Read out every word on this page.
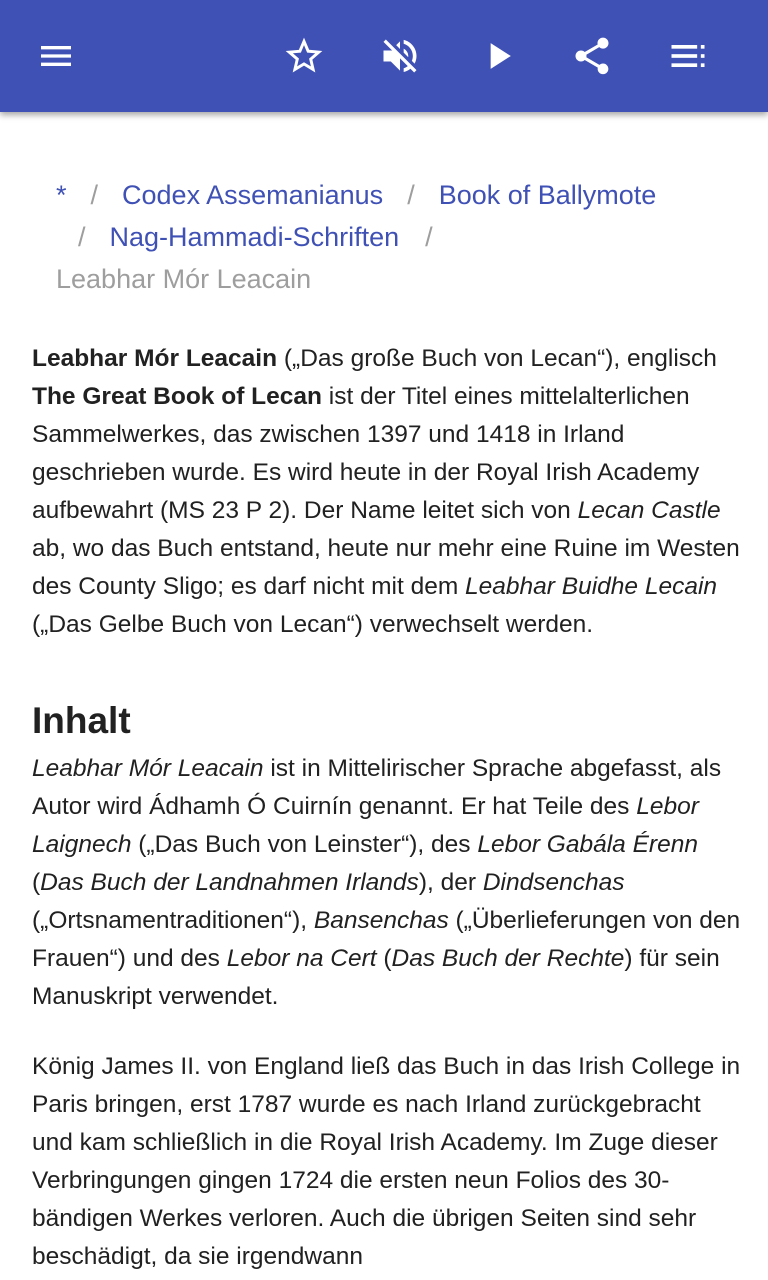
* / Codex Assemanianus / Book of Ballymote
/ Nag-Hammadi-Schriften /
Leabhar Mór Leacain

Leabhar Mór Leacain („Das große Buch von Lecan“), englisch The Great Book of Lecan ist der Titel eines mittelalterlichen Sammelwerkes, das zwischen 1397 und 1418 in Irland geschrieben wurde. Es wird heute in der Royal Irish Academy aufbewahrt (MS 23 P 2). Der Name leitet sich von Lecan Castle ab, wo das Buch entstand, heute nur mehr eine Ruine im Westen des County Sligo; es darf nicht mit dem Leabhar Buidhe Lecain („Das Gelbe Buch von Lecan“) verwechselt werden.

Inhalt

Leabhar Mór Leacain ist in Mittelirischer Sprache abgefasst, als Autor wird Ádhamh Ó Cuirnín genannt. Er hat Teile des Lebor Laignech („Das Buch von Leinster“), des Lebor Gabála Érenn (Das Buch der Landnahmen Irlands), der Dindsenchas („Ortsnamentraditionen“), Bansenchas („Überlieferungen von den Frauen“) und des Lebor na Cert (Das Buch der Rechte) für sein Manuskript verwendet.

König James II. von England ließ das Buch in das Irish College in Paris bringen, erst 1787 wurde es nach Irland zurückgebracht und kam schließlich in die Royal Irish Academy. Im Zuge dieser Verbringungen gingen 1724 die ersten neun Folios des 30-bändigen Werkes verloren. Auch die übrigen Seiten sind sehr beschädigt, da sie irgendwann
